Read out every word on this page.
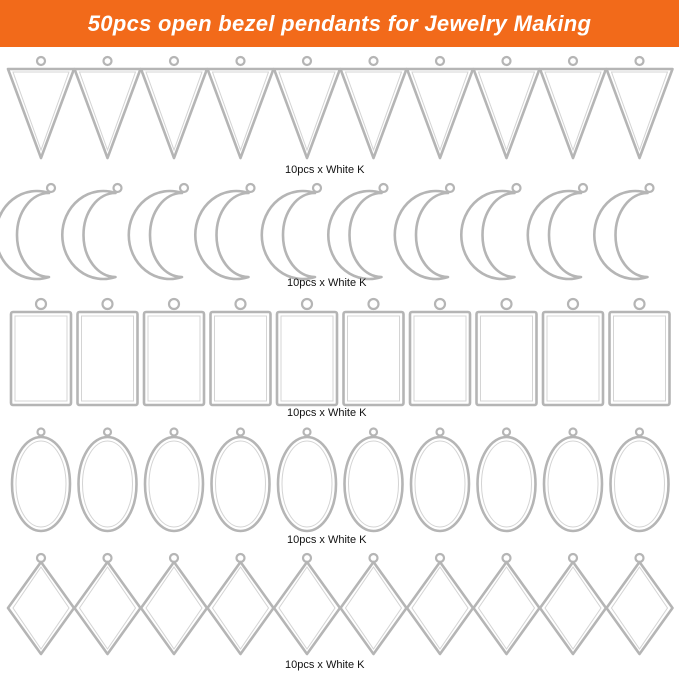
50pcs open bezel pendants for Jewelry Making
10pcs x White K
10pcs x White K
10pcs x White K
10pcs x White K
10pcs x White K
